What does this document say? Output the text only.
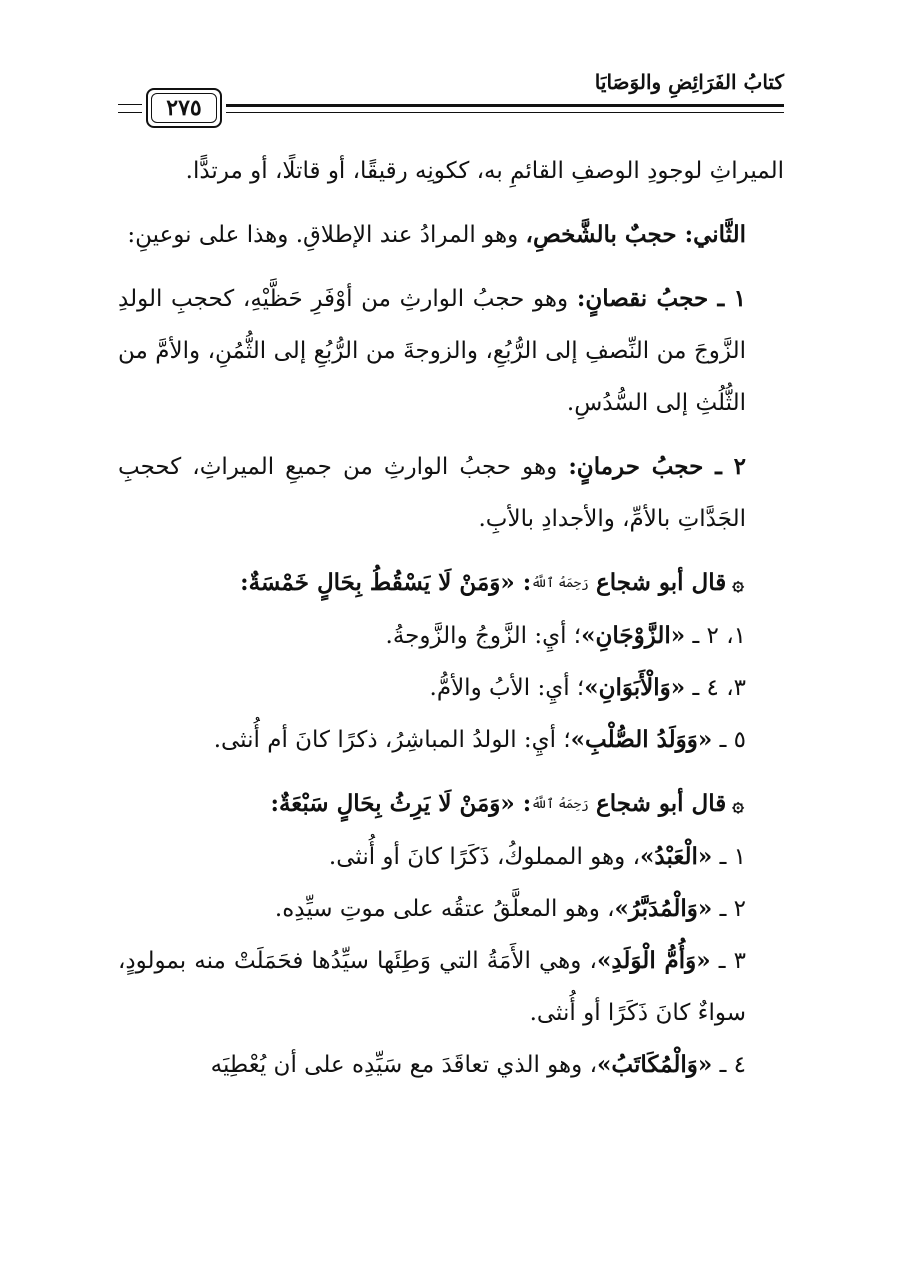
كتابُ الفَرَائِضِ والوَصَايَا
٢٧٥

الميراثِ لوجودِ الوصفِ القائمِ به، ككونِه رقيقًا، أو قاتلًا، أو مرتدًّا.

الثَّاني: حجبٌ بالشَّخصِ، وهو المرادُ عند الإطلاقِ. وهذا على نوعينِ:

١ ـ حجبُ نقصانٍ: وهو حجبُ الوارثِ من أوْفَرِ حَظَّيْهِ، كحجبِ الولدِ الزَّوجَ من النِّصفِ إلى الرُّبُعِ، والزوجةَ من الرُّبُعِ إلى الثُّمُنِ، والأمَّ من الثُّلُثِ إلى السُّدُسِ.

٢ ـ حجبُ حرمانٍ: وهو حجبُ الوارثِ من جميعِ الميراثِ، كحجبِ الجَدَّاتِ بالأمِّ، والأجدادِ بالأبِ.

۞قال أبو شجاع رَحِمَهُ ٱللَّهُ: «وَمَنْ لَا يَسْقُطُ بِحَالٍ خَمْسَةٌ:

١، ٢ ـ «الزَّوْجَانِ»؛ أيِ: الزَّوجُ والزَّوجةُ.

٣، ٤ ـ «وَالْأَبَوَانِ»؛ أيِ: الأبُ والأمُّ.

٥ ـ «وَوَلَدُ الصُّلْبِ»؛ أيِ: الولدُ المباشِرُ، ذكرًا كانَ أم أُنثى.

۞قال أبو شجاع رَحِمَهُ ٱللَّهُ: «وَمَنْ لَا يَرِثُ بِحَالٍ سَبْعَةٌ:

١ ـ «الْعَبْدُ»، وهو المملوكُ، ذَكَرًا كانَ أو أُنثى.

٢ ـ «وَالْمُدَبَّرُ»، وهو المعلَّقُ عتقُه على موتِ سيِّدِه.

٣ ـ «وَأُمُّ الْوَلَدِ»، وهي الأَمَةُ التي وَطِئَها سيِّدُها فحَمَلَتْ منه بمولودٍ، سواءٌ كانَ ذَكَرًا أو أُنثى.

٤ ـ «وَالْمُكَاتَبُ»، وهو الذي تعاقَدَ مع سَيِّدِه على أن يُعْطِيَه
